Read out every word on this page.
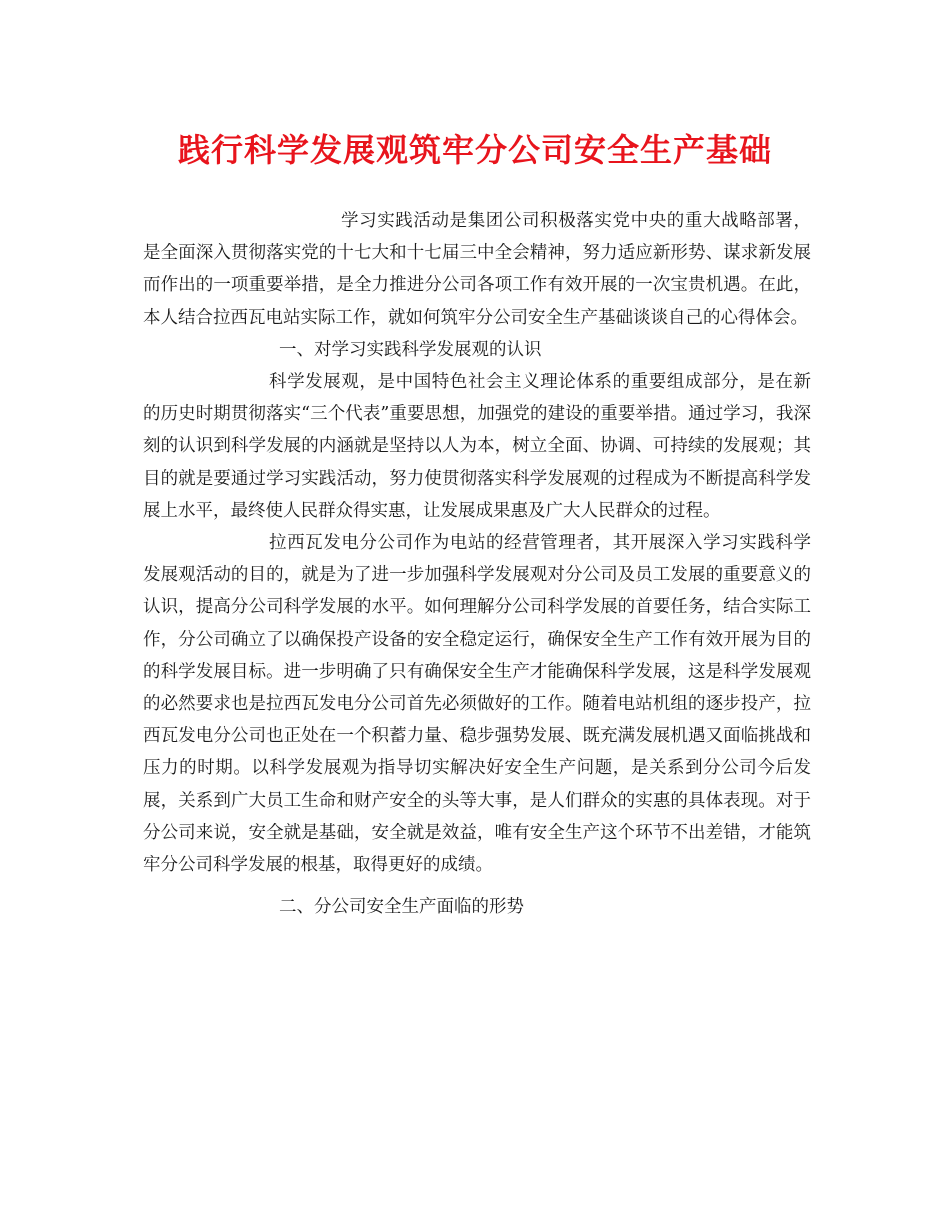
践行科学发展观筑牢分公司安全生产基础

学习实践活动是集团公司积极落实党中央的重大战略部署，是全面深入贯彻落实党的十七大和十七届三中全会精神，努力适应新形势、谋求新发展而作出的一项重要举措，是全力推进分公司各项工作有效开展的一次宝贵机遇。在此，本人结合拉西瓦电站实际工作，就如何筑牢分公司安全生产基础谈谈自己的心得体会。

一、对学习实践科学发展观的认识

科学发展观，是中国特色社会主义理论体系的重要组成部分，是在新的历史时期贯彻落实“三个代表”重要思想，加强党的建设的重要举措。通过学习，我深刻的认识到科学发展的内涵就是坚持以人为本，树立全面、协调、可持续的发展观；其目的就是要通过学习实践活动，努力使贯彻落实科学发展观的过程成为不断提高科学发展上水平，最终使人民群众得实惠，让发展成果惠及广大人民群众的过程。

拉西瓦发电分公司作为电站的经营管理者，其开展深入学习实践科学发展观活动的目的，就是为了进一步加强科学发展观对分公司及员工发展的重要意义的认识，提高分公司科学发展的水平。如何理解分公司科学发展的首要任务，结合实际工作，分公司确立了以确保投产设备的安全稳定运行，确保安全生产工作有效开展为目的的科学发展目标。进一步明确了只有确保安全生产才能确保科学发展，这是科学发展观的必然要求也是拉西瓦发电分公司首先必须做好的工作。随着电站机组的逐步投产，拉西瓦发电分公司也正处在一个积蓄力量、稳步强势发展、既充满发展机遇又面临挑战和压力的时期。以科学发展观为指导切实解决好安全生产问题，是关系到分公司今后发展，关系到广大员工生命和财产安全的头等大事，是人们群众的实惠的具体表现。对于分公司来说，安全就是基础，安全就是效益，唯有安全生产这个环节不出差错，才能筑牢分公司科学发展的根基，取得更好的成绩。

二、分公司安全生产面临的形势
